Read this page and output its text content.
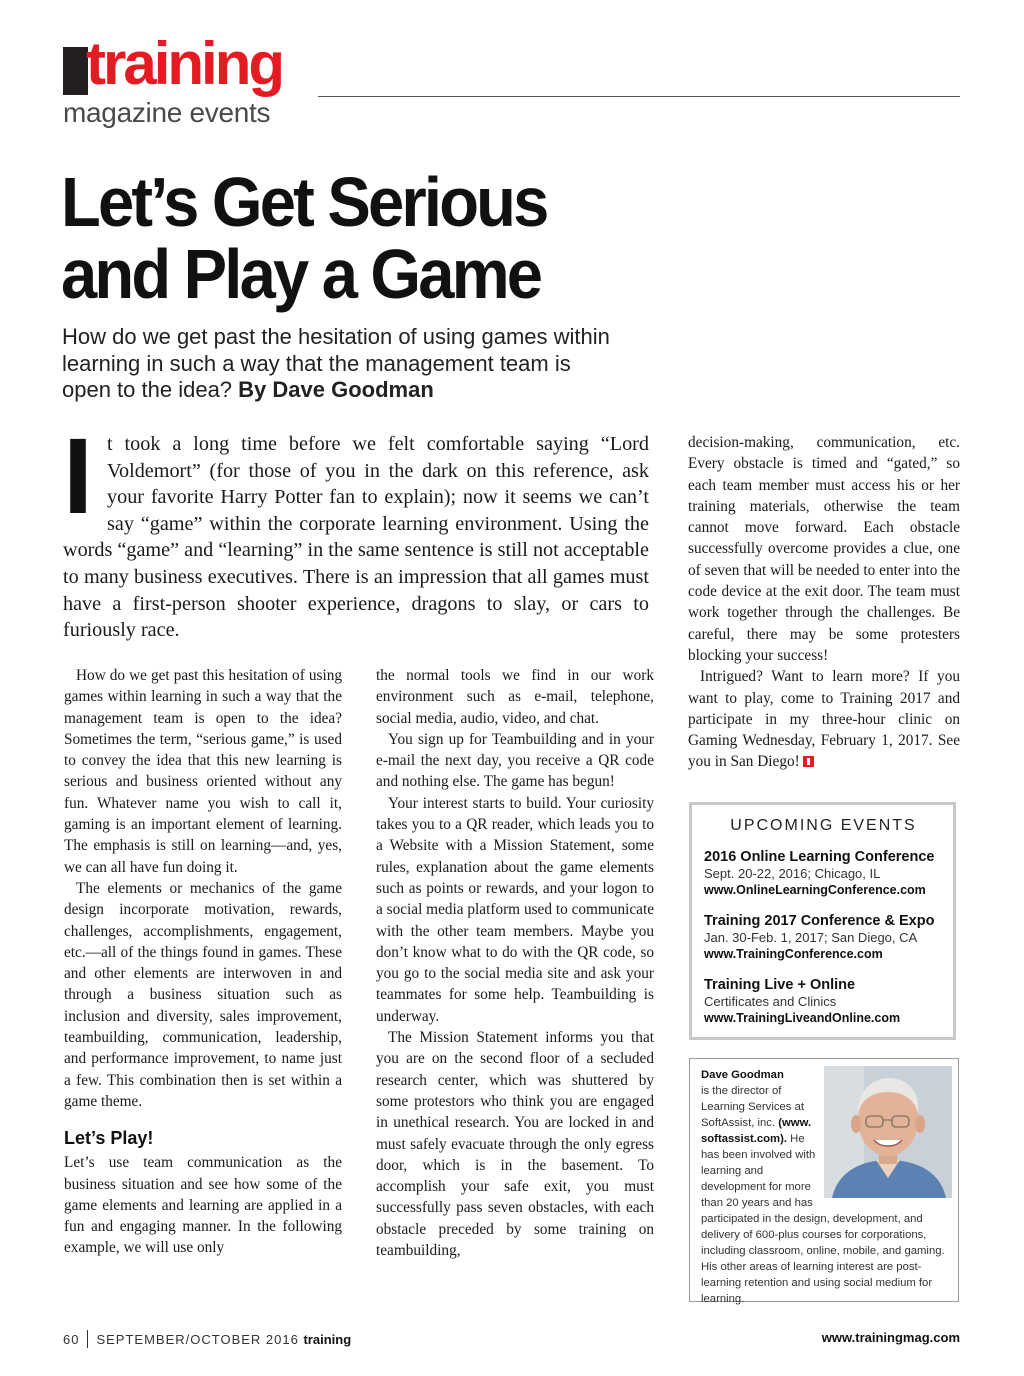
training
magazine events
Let’s Get Serious
and Play a Game
How do we get past the hesitation of using games within learning in such a way that the management team is open to the idea? By Dave Goodman
I t took a long time before we felt comfortable saying “Lord Voldemort” (for those of you in the dark on this reference, ask your favorite Harry Potter fan to explain); now it seems we can’t say “game” within the corporate learning environment. Using the words “game” and “learning” in the same sentence is still not acceptable to many business executives. There is an impression that all games must have a first-person shooter experience, dragons to slay, or cars to furiously race.

How do we get past this hesitation of using games within learning in such a way that the management team is open to the idea? Sometimes the term, “serious game,” is used to convey the idea that this new learning is serious and business oriented without any fun. Whatever name you wish to call it, gaming is an important element of learning. The emphasis is still on learning—and, yes, we can all have fun doing it.

The elements or mechanics of the game design incorporate motivation, rewards, challenges, accomplishments, engagement, etc.—all of the things found in games. These and other elements are interwoven in and through a business situation such as inclusion and diversity, sales improvement, teambuilding, communication, leadership, and performance improvement, to name just a few. This combination then is set within a game theme.

Let’s Play!

Let’s use team communication as the business situation and see how some of the game elements and learning are applied in a fun and engaging manner. In the following example, we will use only

the normal tools we find in our work environment such as e-mail, telephone, social media, audio, video, and chat.

You sign up for Teambuilding and in your e-mail the next day, you receive a QR code and nothing else. The game has begun!

Your interest starts to build. Your curiosity takes you to a QR reader, which leads you to a Website with a Mission Statement, some rules, explanation about the game elements such as points or rewards, and your logon to a social media platform used to communicate with the other team members. Maybe you don’t know what to do with the QR code, so you go to the social media site and ask your teammates for some help. Teambuilding is underway.

The Mission Statement informs you that you are on the second floor of a secluded research center, which was shuttered by some protestors who think you are engaged in unethical research. You are locked in and must safely evacuate through the only egress door, which is in the basement. To accomplish your safe exit, you must successfully pass seven obstacles, with each obstacle preceded by some training on teambuilding,

decision-making, communication, etc. Every obstacle is timed and “gated,” so each team member must access his or her training materials, otherwise the team cannot move forward. Each obstacle successfully overcome provides a clue, one of seven that will be needed to enter into the code device at the exit door. The team must work together through the challenges. Be careful, there may be some protesters blocking your success!

Intrigued? Want to learn more? If you want to play, come to Training 2017 and participate in my three-hour clinic on Gaming Wednesday, February 1, 2017. See you in San Diego!

UPCOMING EVENTS
2016 Online Learning Conference
Sept. 20-22, 2016; Chicago, IL
www.OnlineLearningConference.com
Training 2017 Conference & Expo
Jan. 30-Feb. 1, 2017; San Diego, CA
www.TrainingConference.com
Training Live + Online
Certificates and Clinics
www.TrainingLiveandOnline.com
Dave Goodman
is the director of Learning Services at SoftAssist, inc. (www. softassist.com). He has been involved with learning and development for more than 20 years and has participated in the design, development, and delivery of 600-plus courses for corporations, including classroom, online, mobile, and gaming. His other areas of learning interest are post-learning retention and using social medium for learning.
60 SEPTEMBER/OCTOBER 2016 training	www.trainingmag.com
